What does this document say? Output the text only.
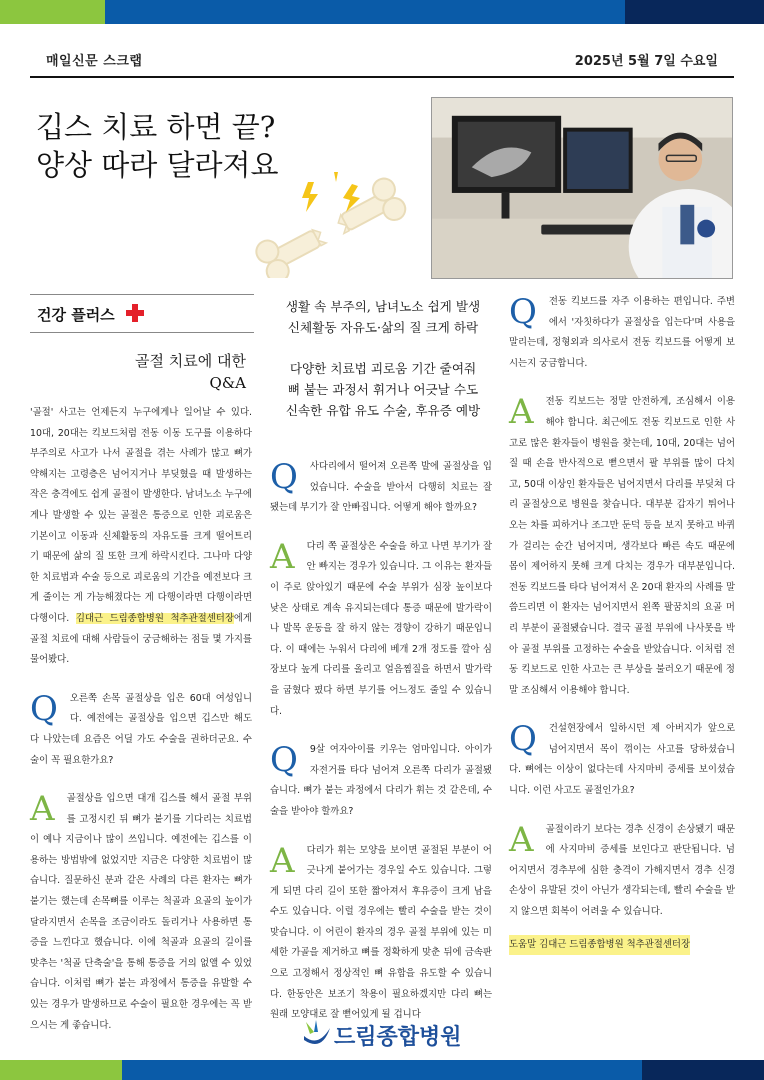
매일신문 스크랩	2025년 5월 7일 수요일
깁스 치료 하면 끝?
양상 따라 달라져요
건강 플러스
골절 치료에 대한
Q&A
생활 속 부주의, 남녀노소 쉽게 발생
신체활동 자유도·삶의 질 크게 하락
다양한 치료법 괴로움 기간 줄여줘
뼈 붙는 과정서 휘거나 어긋날 수도
신속한 유합 유도 수술, 후유증 예방

'골절' 사고는 언제든지 누구에게나 일어날 수 있다. 10대, 20대는 킥보드처럼 전동 이동 도구를 이용하다 부주의로 사고가 나서 골절을 겪는 사례가 많고 뼈가 약해지는 고령층은 넘어지거나 부딪혔을 때 발생하는 작은 충격에도 쉽게 골절이 발생한다. 남녀노소 누구에게나 발생할 수 있는 골절은 통증으로 인한 괴로움은 기본이고 이동과 신체활동의 자유도를 크게 떨어트리기 때문에 삶의 질 또한 크게 하락시킨다. 그나마 다양한 치료법과 수술 등으로 괴로움의 기간을 예전보다 크게 줄이는 게 가능해졌다는 게 다행이라면 다행이라면 다행이다. 김대근 드림종합병원 척추관절센터장에게 골절 치료에 대해 사람들이 궁금해하는 점들 몇 가지를 물어봤다.

Q 오른쪽 손목 골절상을 입은 60대 여성입니다. 예전에는 골절상을 입으면 깁스만 해도 다 나았는데 요즘은 어딜 가도 수술을 권하더군요. 수술이 꼭 필요한가요?
A 골절상을 입으면 대개 깁스를 해서 골절 부위를 고정시킨 뒤 뼈가 붙기를 기다리는 치료법이 예나 지금이나 많이 쓰입니다. 예전에는 깁스를 이용하는 방법밖에 없었지만 지금은 다양한 치료법이 많습니다. 질문하신 분과 같은 사례의 다른 환자는 뼈가 붙기는 했는데 손목뼈를 이루는 척골과 요골의 높이가 달라지면서 손목을 조금이라도 돌리거나 사용하면 통증을 느낀다고 했습니다. 이에 척골과 요골의 길이를 맞추는 '척골 단축술'을 통해 통증을 거의 없앨 수 있었습니다. 이처럼 뼈가 붙는 과정에서 통증을 유발할 수 있는 경우가 발생하므로 수술이 필요한 경우에는 꼭 받으시는 게 좋습니다.
Q 사다리에서 떨어져 오른쪽 발에 골절상을 입었습니다. 수술을 받아서 다행히 치료는 잘 됐는데 부기가 잘 안빠집니다. 어떻게 해야 할까요?
A 다리 쪽 골절상은 수술을 하고 나면 부기가 잘 안 빠지는 경우가 있습니다. 그 이유는 환자들이 주로 앉아있기 때문에 수술 부위가 심장 높이보다 낮은 상태로 계속 유지되는데다 통증 때문에 발가락이나 발목 운동을 잘 하지 않는 경향이 강하기 때문입니다. 이 때에는 누워서 다리에 베개 2개 정도를 깔아 심장보다 높게 다리를 올리고 얼음찜질을 하면서 발가락을 굽혔다 폈다 하면 부기를 어느정도 줄일 수 있습니다.
Q 9살 여자아이를 키우는 엄마입니다. 아이가 자전거를 타다 넘어져 오른쪽 다리가 골절됐습니다. 뼈가 붙는 과정에서 다리가 휘는 것 같은데, 수술을 받아야 할까요?
A 다리가 휘는 모양을 보이면 골절된 부분이 어긋나게 붙어가는 경우일 수도 있습니다. 그렇게 되면 다리 길이 또한 짧아져서 후유증이 크게 남을수도 있습니다. 이럴 경우에는 빨리 수술을 받는 것이 맞습니다. 이 어린이 환자의 경우 골절 부위에 있는 미세한 가골을 제거하고 뼈를 정확하게 맞춘 뒤에 금속판으로 고정해서 정상적인 뼈 유합을 유도할 수 있습니다. 한동안은 보조기 착용이 필요하겠지만 다리 뼈는 원래 모양대로 잘 뻗어있게 될 겁니다
Q 전동 킥보드를 자주 이용하는 편입니다. 주변에서 '자칫하다가 골절상을 입는다'며 사용을 말리는데, 정형외과 의사로서 전동 킥보드를 어떻게 보시는지 궁금합니다.
A 전동 킥보드는 정말 안전하게, 조심해서 이용해야 합니다. 최근에도 전동 킥보드로 인한 사고로 많은 환자들이 병원을 찾는데, 10대, 20대는 넘어질 때 손을 반사적으로 뻗으면서 팔 부위를 많이 다치고, 50대 이상인 환자들은 넘어지면서 다리를 부딪쳐 다리 골절상으로 병원을 찾습니다. 대부분 갑자기 튀어나오는 차를 피하거나 조그만 둔덕 등을 보지 못하고 바퀴가 걸리는 순간 넘어지며, 생각보다 빠른 속도 때문에 몸이 제어하지 못해 크게 다치는 경우가 대부분입니다. 전동 킥보드를 타다 넘어져서 온 20대 환자의 사례를 말씀드리면 이 환자는 넘어지면서 왼쪽 팔꿈치의 요골 머리 부분이 골절됐습니다. 결국 골절 부위에 나사못을 박아 골절 부위를 고정하는 수술을 받았습니다. 이처럼 전동 킥보드로 인한 사고는 큰 부상을 불러오기 때문에 정말 조심해서 이용해야 합니다.
Q 건설현장에서 일하시던 제 아버지가 앞으로 넘어지면서 목이 꺾이는 사고를 당하셨습니다. 뼈에는 이상이 없다는데 사지마비 증세를 보이셨습니다. 이런 사고도 골절인가요?
A 골절이라기 보다는 경추 신경이 손상됐기 때문에 사지마비 증세를 보인다고 판단됩니다. 넘어지면서 경추부에 심한 충격이 가해지면서 경추 신경 손상이 유발된 것이 아닌가 생각되는데, 빨리 수술을 받지 않으면 회복이 어려울 수 있습니다.
도움말 김대근 드림종합병원 척추관절센터장
드림종합병원
